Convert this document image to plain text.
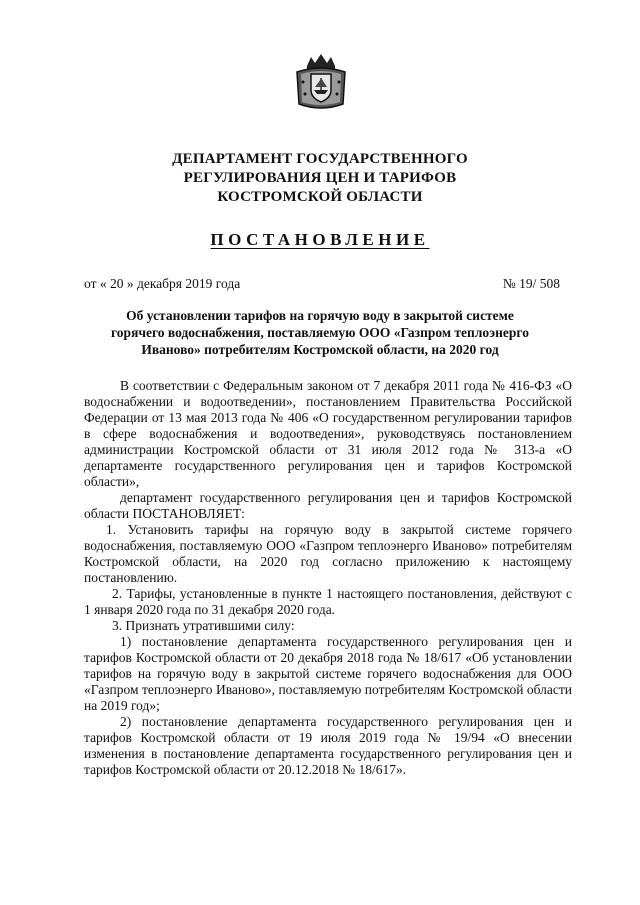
ДЕПАРТАМЕНТ ГОСУДАРСТВЕННОГО
РЕГУЛИРОВАНИЯ ЦЕН И ТАРИФОВ
КОСТРОМСКОЙ ОБЛАСТИ
ПОСТАНОВЛЕНИЕ
от « 20 » декабря 2019 года	№ 19/ 508
Об установлении тарифов на горячую воду в закрытой системе
горячего водоснабжения, поставляемую ООО «Газпром теплоэнерго
Иваново» потребителям Костромской области, на 2020 год

В соответствии с Федеральным законом от 7 декабря 2011 года № 416-ФЗ «О водоснабжении и водоотведении», постановлением Правительства Российской Федерации от 13 мая 2013 года № 406 «О государственном регулировании тарифов в сфере водоснабжения и водоотведения», руководствуясь постановлением администрации Костромской области от 31 июля 2012 года № 313-а «О департаменте государственного регулирования цен и тарифов Костромской области»,

департамент государственного регулирования цен и тарифов Костромской области ПОСТАНОВЛЯЕТ:

1. Установить тарифы на горячую воду в закрытой системе горячего водоснабжения, поставляемую ООО «Газпром теплоэнерго Иваново» потребителям Костромской области, на 2020 год согласно приложению к настоящему постановлению.

2. Тарифы, установленные в пункте 1 настоящего постановления, действуют с 1 января 2020 года по 31 декабря 2020 года.

3. Признать утратившими силу:

1) постановление департамента государственного регулирования цен и тарифов Костромской области от 20 декабря 2018 года № 18/617 «Об установлении тарифов на горячую воду в закрытой системе горячего водоснабжения для ООО «Газпром теплоэнерго Иваново», поставляемую потребителям Костромской области на 2019 год»;

2) постановление департамента государственного регулирования цен и тарифов Костромской области от 19 июля 2019 года № 19/94 «О внесении изменения в постановление департамента государственного регулирования цен и тарифов Костромской области от 20.12.2018 № 18/617».
